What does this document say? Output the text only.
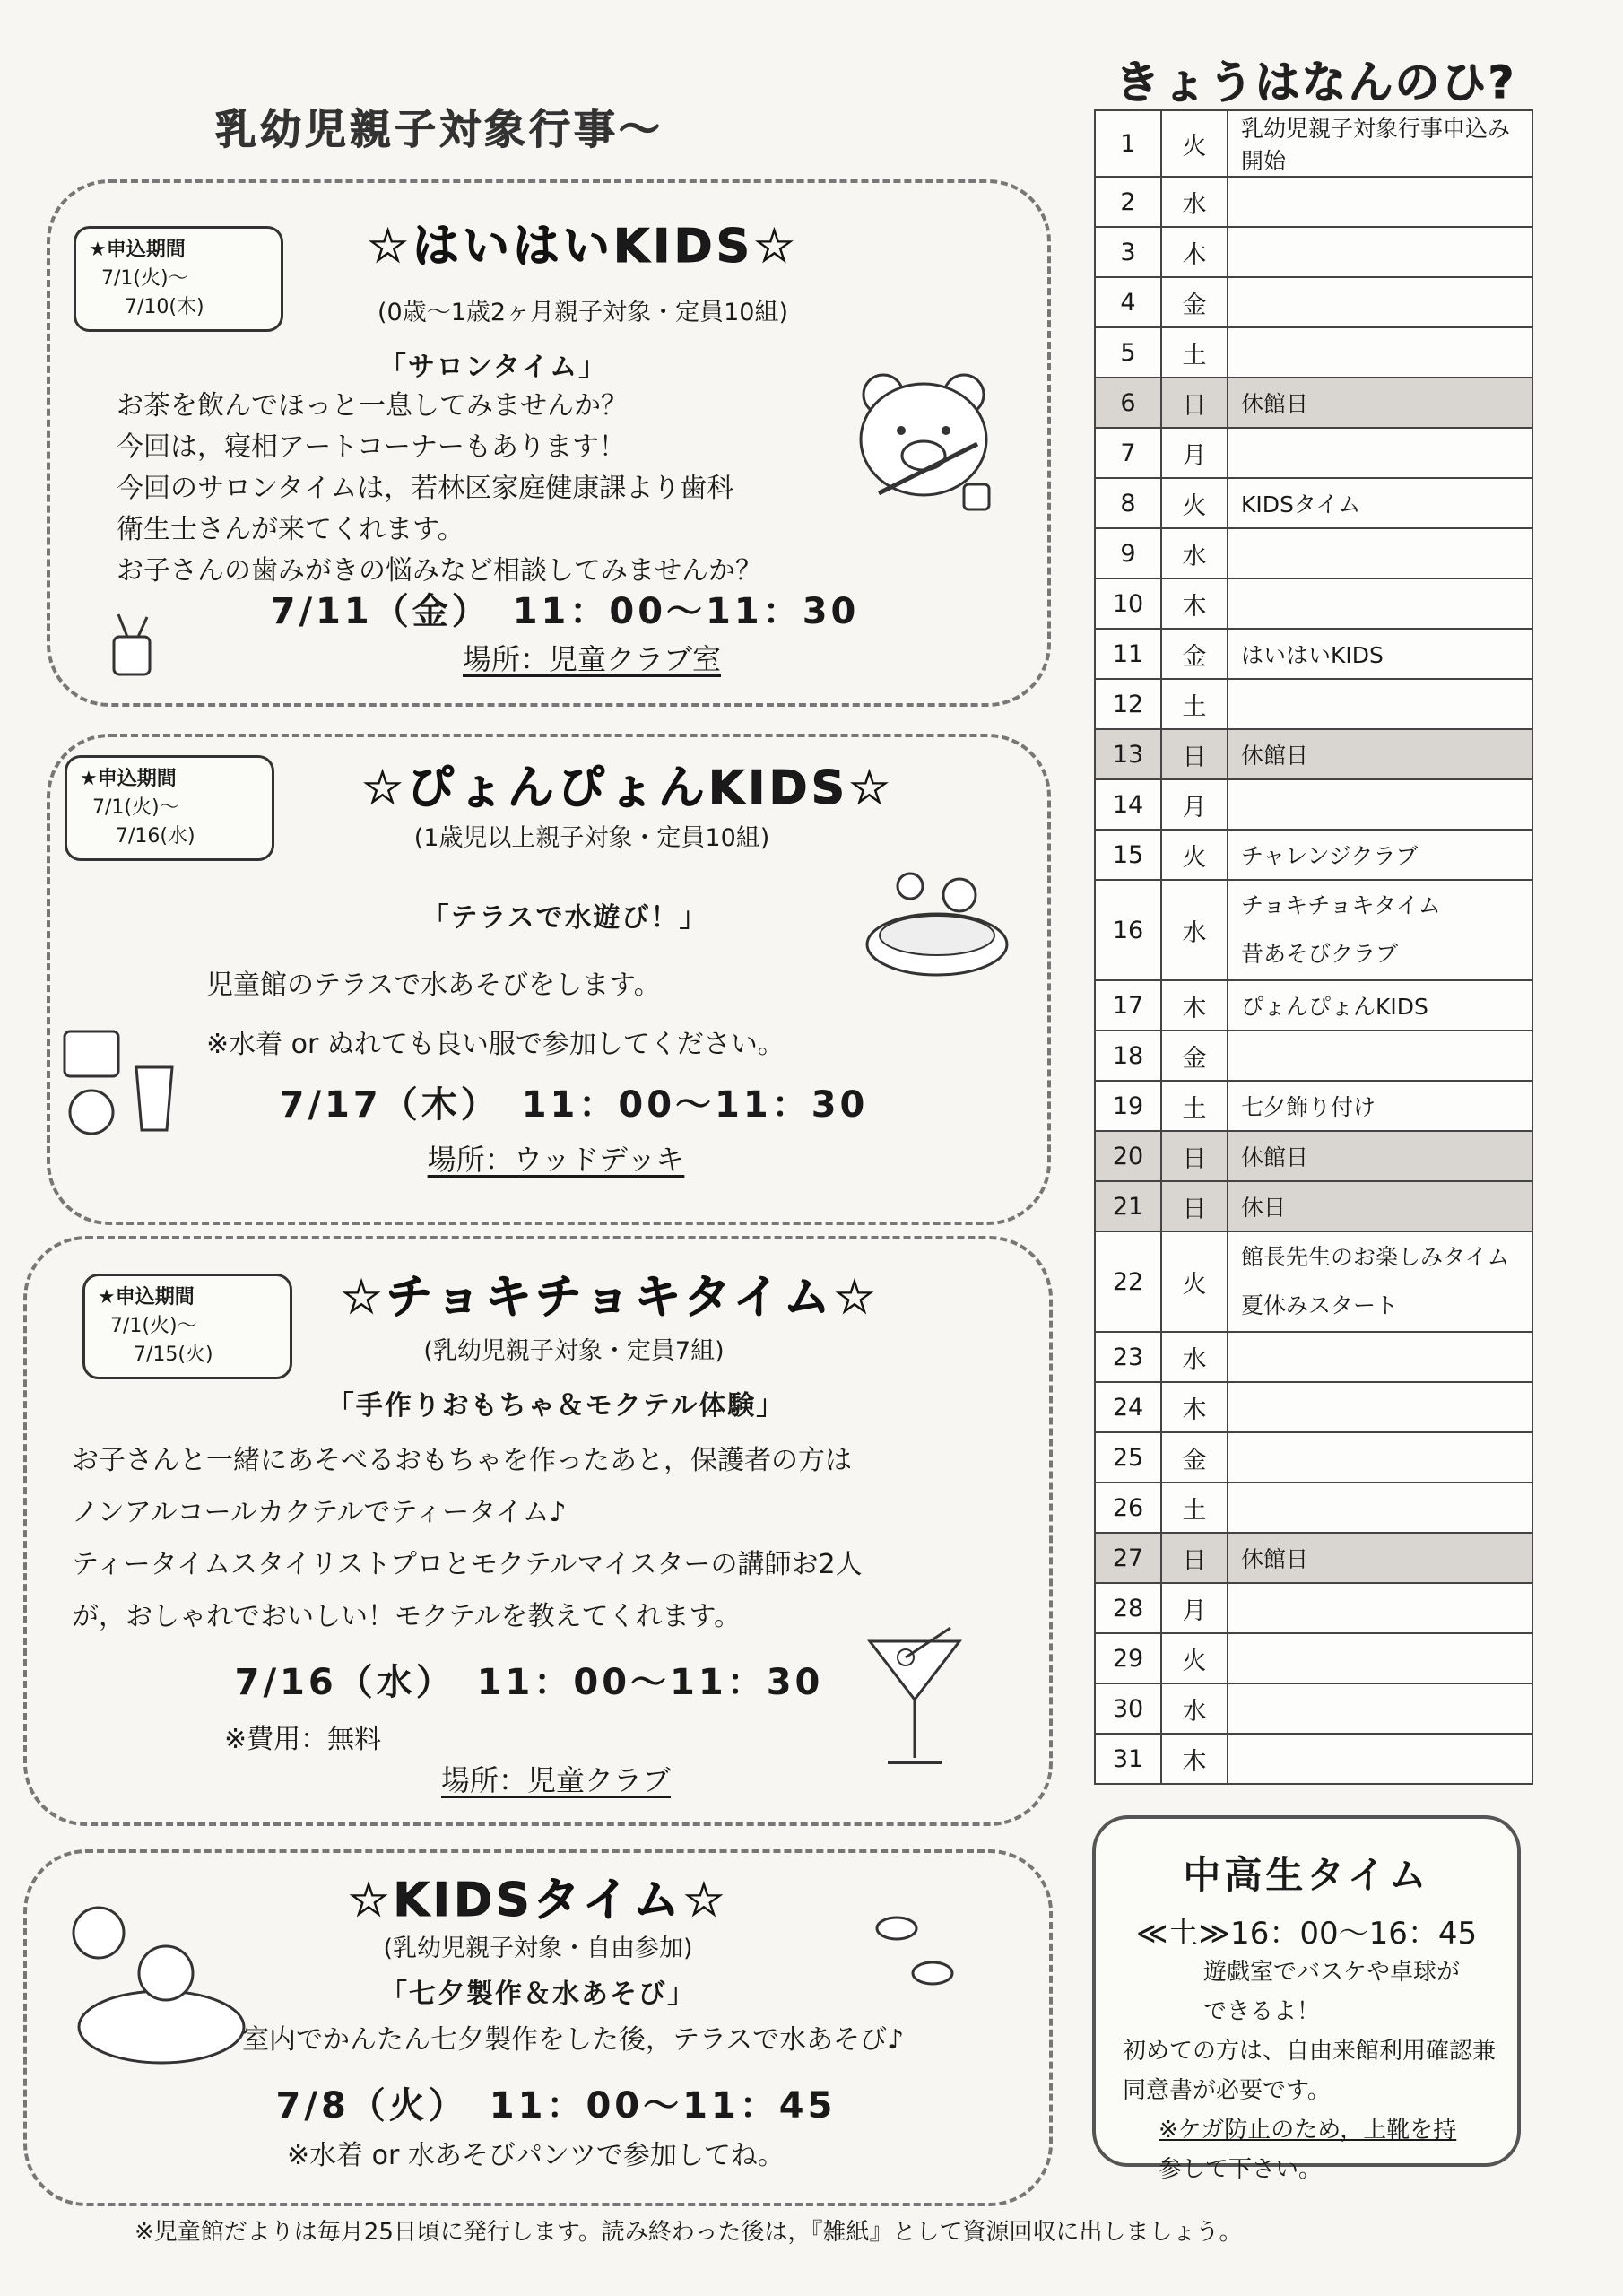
乳幼児親子対象行事〜
★申込期間
7/1(火)〜
7/10(木)
☆はいはいKIDS☆
(0歳〜1歳2ヶ月親子対象・定員10組)
「サロンタイム」
お茶を飲んでほっと一息してみませんか？
今回は，寝相アートコーナーもあります！
今回のサロンタイムは，若林区家庭健康課より歯科
衛生士さんが来てくれます。
お子さんの歯みがきの悩みなど相談してみませんか？
7/11（金）　11：00〜11：30
場所：児童クラブ室
★申込期間
7/1(火)〜
7/16(水)
☆ぴょんぴょんKIDS☆
(1歳児以上親子対象・定員10組)
「テラスで水遊び！」
児童館のテラスで水あそびをします。
※水着 or ぬれても良い服で参加してください。
7/17（木）　11：00〜11：30
場所：ウッドデッキ
★申込期間
7/1(火)〜
7/15(火)
☆チョキチョキタイム☆
(乳幼児親子対象・定員7組)
「手作りおもちゃ＆モクテル体験」
お子さんと一緒にあそべるおもちゃを作ったあと，保護者の方は
ノンアルコールカクテルでティータイム♪
ティータイムスタイリストプロとモクテルマイスターの講師お2人
が，おしゃれでおいしい！モクテルを教えてくれます。
7/16（水）　11：00〜11：30
※費用：無料
場所：児童クラブ
☆KIDSタイム☆
(乳幼児親子対象・自由参加)
「七夕製作＆水あそび」
室内でかんたん七夕製作をした後，テラスで水あそび♪
7/8（火）　11：00〜11：45
※水着 or 水あそびパンツで参加してね。
きょうはなんのひ?
1	火	乳幼児親子対象行事申込み開始

2	水	
3	木	
4	金	
5	土	
6	日	休館日

7	月	
8	火	KIDSタイム

9	水	
10	木	
11	金	はいはいKIDS

12	土	
13	日	休館日

14	月	
15	火	チャレンジクラブ

16	水	チョキチョキタイム
昔あそびクラブ

17	木	ぴょんぴょんKIDS

18	金	
19	土	七夕飾り付け

20	日	休館日

21	日	休日

22	火	館長先生のお楽しみタイム
夏休みスタート

23	水	
24	木	
25	金	
26	土	
27	日	休館日

28	月	
29	火	
30	水	
31	木	
中高生タイム
≪土≫16：00〜16：45
遊戯室でバスケや卓球が
できるよ！
初めての方は、自由来館利用確認兼
同意書が必要です。
※ケガ防止のため，上靴を持
参して下さい。
※児童館だよりは毎月25日頃に発行します。読み終わった後は，『雑紙』として資源回収に出しましょう。
